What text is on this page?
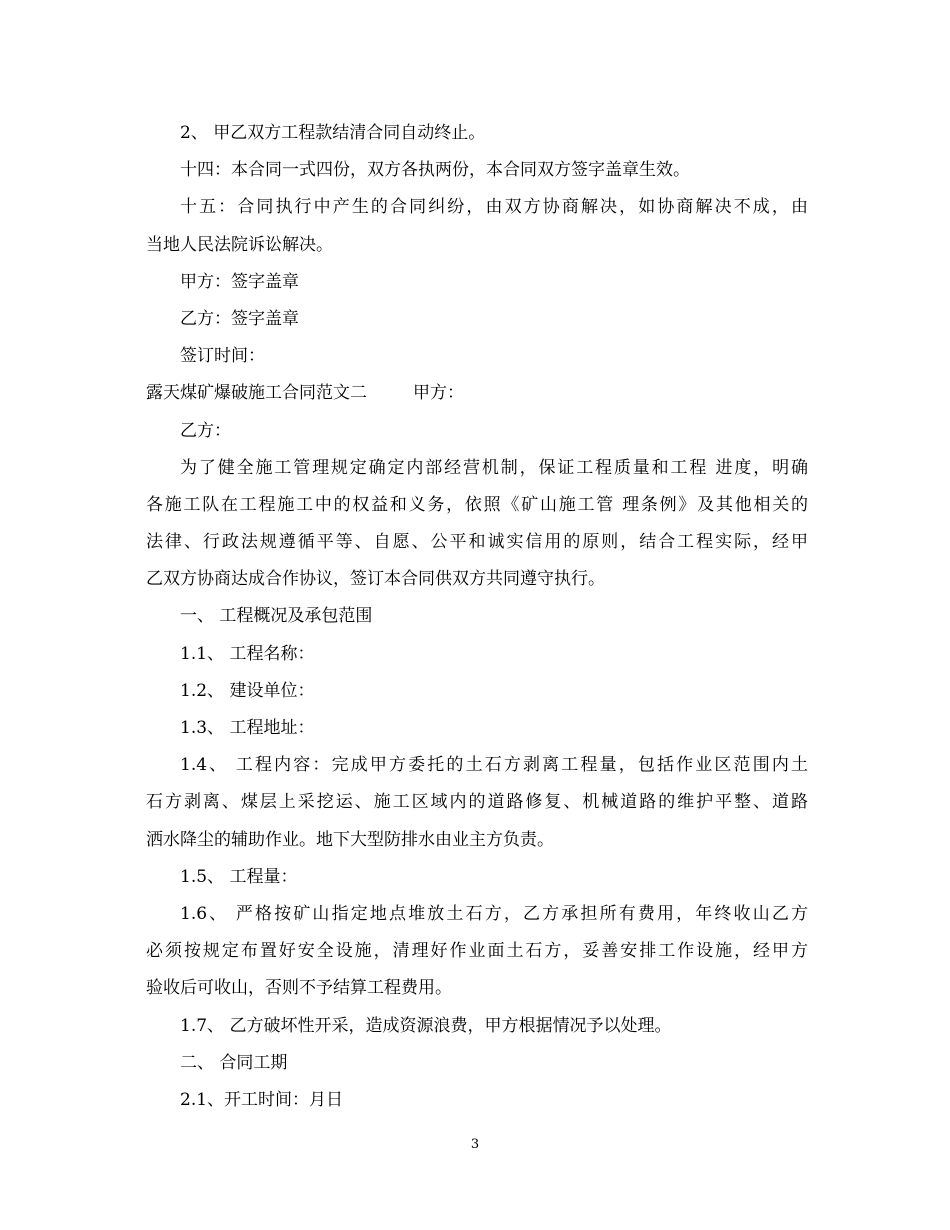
2、 甲乙双方工程款结清合同自动终止。
十四：本合同一式四份，双方各执两份，本合同双方签字盖章生效。
十五：合同执行中产生的合同纠纷，由双方协商解决，如协商解决不成，由
当地人民法院诉讼解决。
甲方：签字盖章
乙方：签字盖章
签订时间：
露天煤矿爆破施工合同范文二	甲方：
乙方：
为了健全施工管理规定确定内部经营机制，保证工程质量和工程 进度，明确
各施工队在工程施工中的权益和义务，依照《矿山施工管 理条例》及其他相关的
法律、行政法规遵循平等、自愿、公平和诚实信用的原则，结合工程实际，经甲
乙双方协商达成合作协议，签订本合同供双方共同遵守执行。
一、 工程概况及承包范围
1.1、 工程名称：
1.2、 建设单位：
1.3、 工程地址：
1.4、 工程内容：完成甲方委托的土石方剥离工程量，包括作业区范围内土
石方剥离、煤层上采挖运、施工区域内的道路修复、机械道路的维护平整、道路
洒水降尘的辅助作业。地下大型防排水由业主方负责。
1.5、 工程量：
1.6、 严格按矿山指定地点堆放土石方，乙方承担所有费用，年终收山乙方
必须按规定布置好安全设施，清理好作业面土石方，妥善安排工作设施，经甲方
验收后可收山，否则不予结算工程费用。
1.7、 乙方破坏性开采，造成资源浪费，甲方根据情况予以处理。
二、 合同工期
2.1、开工时间：月日
3
